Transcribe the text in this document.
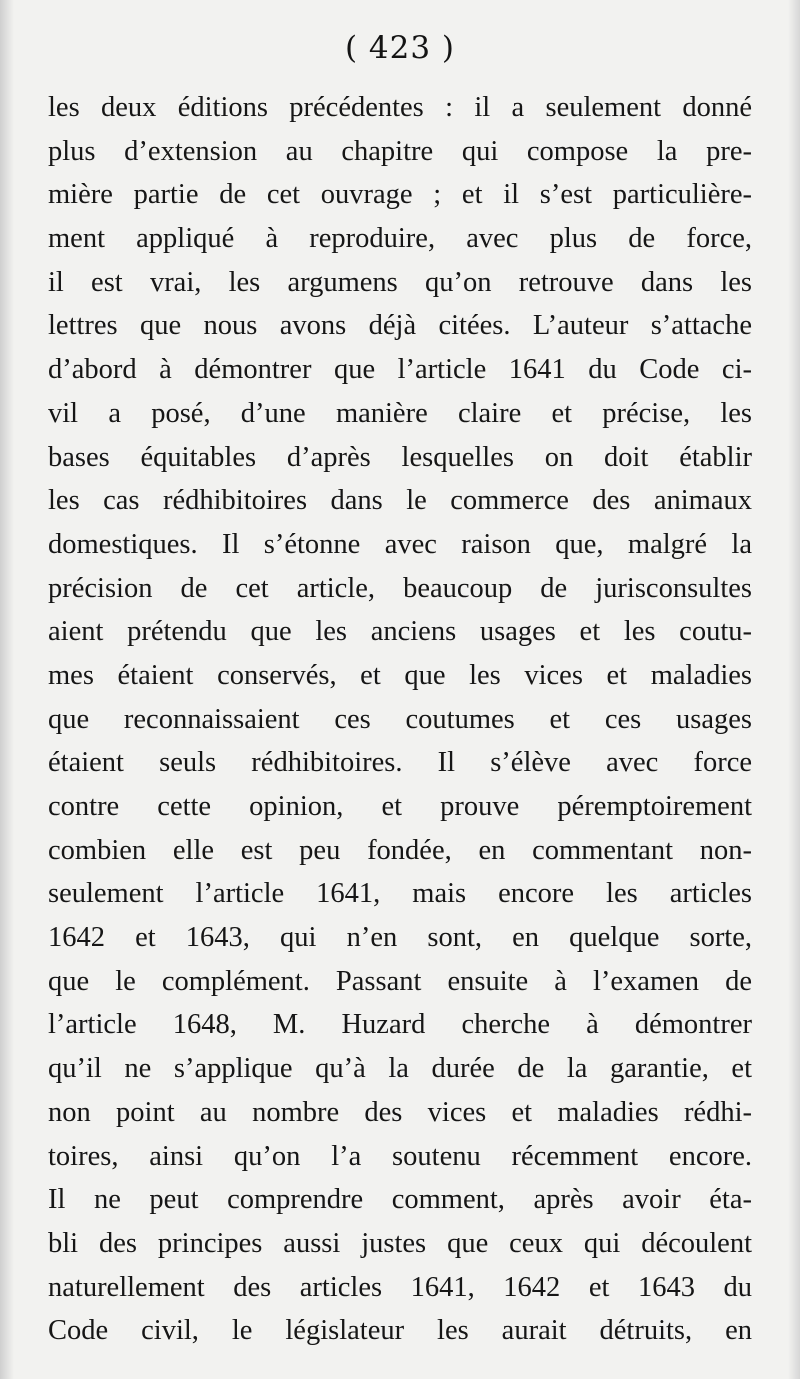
( 423 )
les deux éditions précédentes : il a seulement donné
plus d’extension au chapitre qui compose la pre-
mière partie de cet ouvrage ; et il s’est particulière-
ment appliqué à reproduire, avec plus de force,
il est vrai, les argumens qu’on retrouve dans les
lettres que nous avons déjà citées. L’auteur s’attache
d’abord à démontrer que l’article 1641 du Code ci-
vil a posé, d’une manière claire et précise, les
bases équitables d’après lesquelles on doit établir
les cas rédhibitoires dans le commerce des animaux
domestiques. Il s’étonne avec raison que, malgré la
précision de cet article, beaucoup de jurisconsultes
aient prétendu que les anciens usages et les coutu-
mes étaient conservés, et que les vices et maladies
que reconnaissaient ces coutumes et ces usages
étaient seuls rédhibitoires. Il s’élève avec force
contre cette opinion, et prouve péremptoirement
combien elle est peu fondée, en commentant non-
seulement l’article 1641, mais encore les articles
1642 et 1643, qui n’en sont, en quelque sorte,
que le complément. Passant ensuite à l’examen de
l’article 1648, M. Huzard cherche à démontrer
qu’il ne s’applique qu’à la durée de la garantie, et
non point au nombre des vices et maladies rédhi-
toires, ainsi qu’on l’a soutenu récemment encore.
Il ne peut comprendre comment, après avoir éta-
bli des principes aussi justes que ceux qui découlent
naturellement des articles 1641, 1642 et 1643 du
Code civil, le législateur les aurait détruits, en
